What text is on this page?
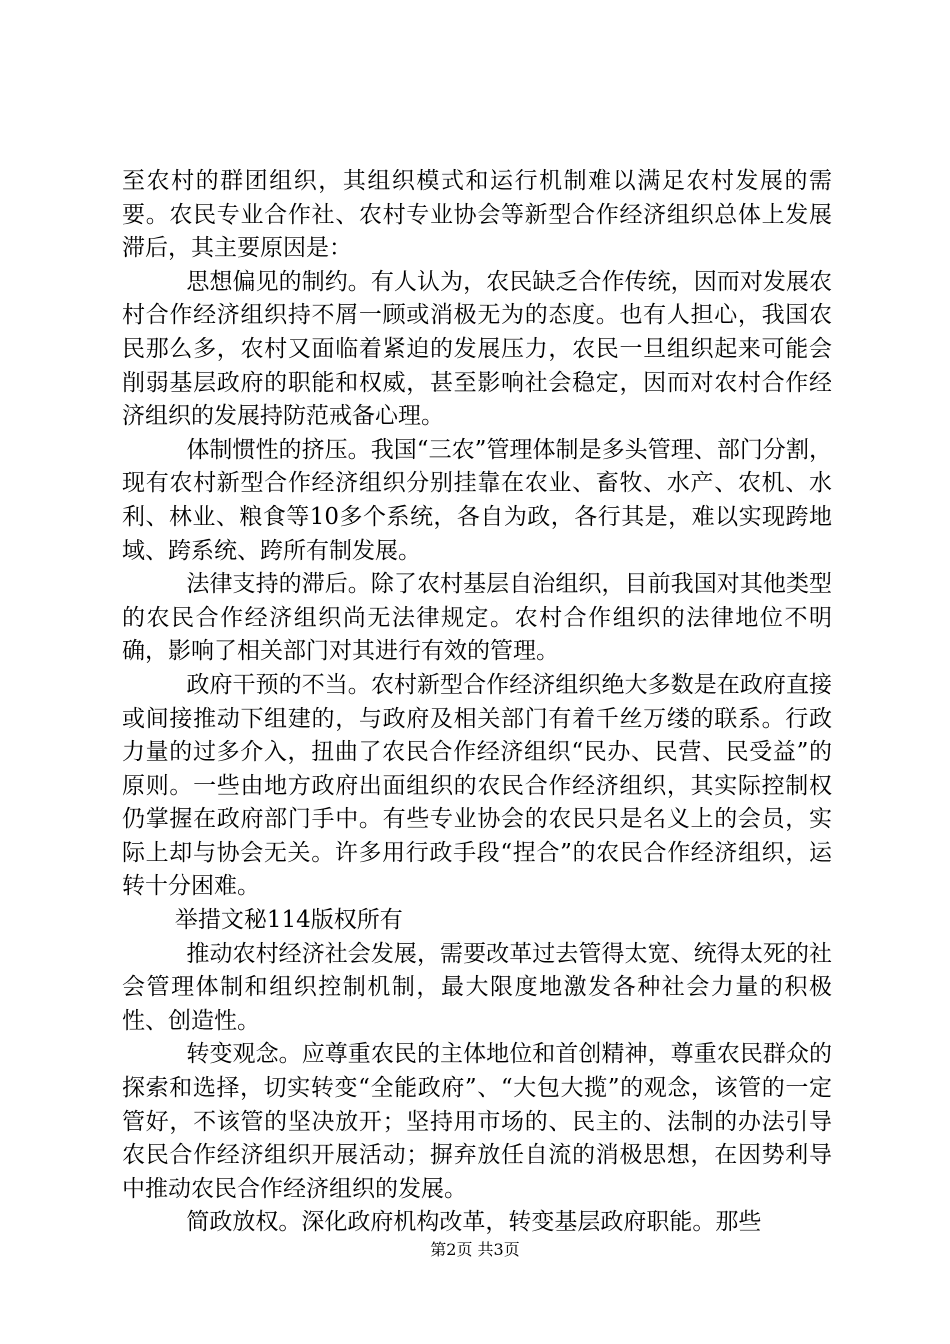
至农村的群团组织，其组织模式和运行机制难以满足农村发展的需要。农民专业合作社、农村专业协会等新型合作经济组织总体上发展滞后，其主要原因是：

思想偏见的制约。有人认为，农民缺乏合作传统，因而对发展农村合作经济组织持不屑一顾或消极无为的态度。也有人担心，我国农民那么多，农村又面临着紧迫的发展压力，农民一旦组织起来可能会削弱基层政府的职能和权威，甚至影响社会稳定，因而对农村合作经济组织的发展持防范戒备心理。

体制惯性的挤压。我国“三农”管理体制是多头管理、部门分割，现有农村新型合作经济组织分别挂靠在农业、畜牧、水产、农机、水利、林业、粮食等10多个系统，各自为政，各行其是，难以实现跨地域、跨系统、跨所有制发展。

法律支持的滞后。除了农村基层自治组织，目前我国对其他类型的农民合作经济组织尚无法律规定。农村合作组织的法律地位不明确，影响了相关部门对其进行有效的管理。

政府干预的不当。农村新型合作经济组织绝大多数是在政府直接或间接推动下组建的，与政府及相关部门有着千丝万缕的联系。行政力量的过多介入，扭曲了农民合作经济组织“民办、民营、民受益”的原则。一些由地方政府出面组织的农民合作经济组织，其实际控制权仍掌握在政府部门手中。有些专业协会的农民只是名义上的会员，实际上却与协会无关。许多用行政手段“捏合”的农民合作经济组织，运转十分困难。

举措文秘114版权所有

推动农村经济社会发展，需要改革过去管得太宽、统得太死的社会管理体制和组织控制机制，最大限度地激发各种社会力量的积极性、创造性。

转变观念。应尊重农民的主体地位和首创精神，尊重农民群众的探索和选择，切实转变“全能政府”、“大包大揽”的观念，该管的一定管好，不该管的坚决放开；坚持用市场的、民主的、法制的办法引导农民合作经济组织开展活动；摒弃放任自流的消极思想，在因势利导中推动农民合作经济组织的发展。

简政放权。深化政府机构改革，转变基层政府职能。那些

第2页 共3页
